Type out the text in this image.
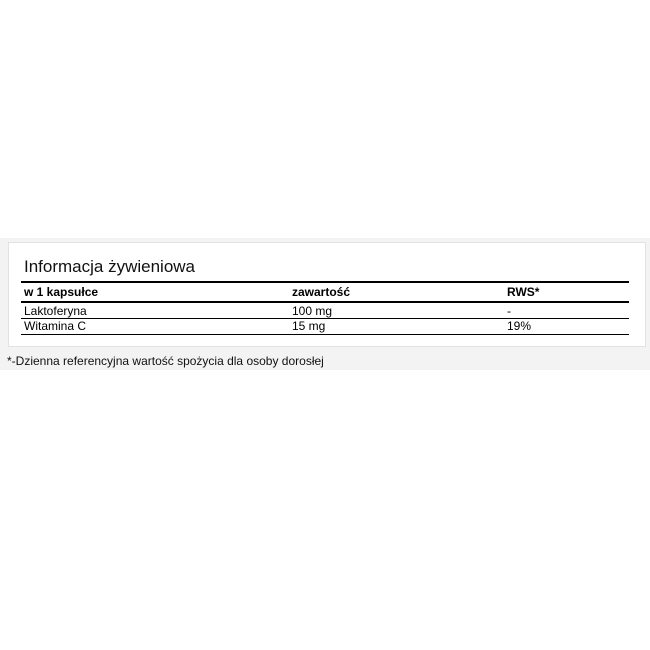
Informacja żywieniowa
w 1 kapsułce	zawartość	RWS*
Laktoferyna	100 mg	-
Witamina C	15 mg	19%
*-Dzienna referencyjna wartość spożycia dla osoby dorosłej
